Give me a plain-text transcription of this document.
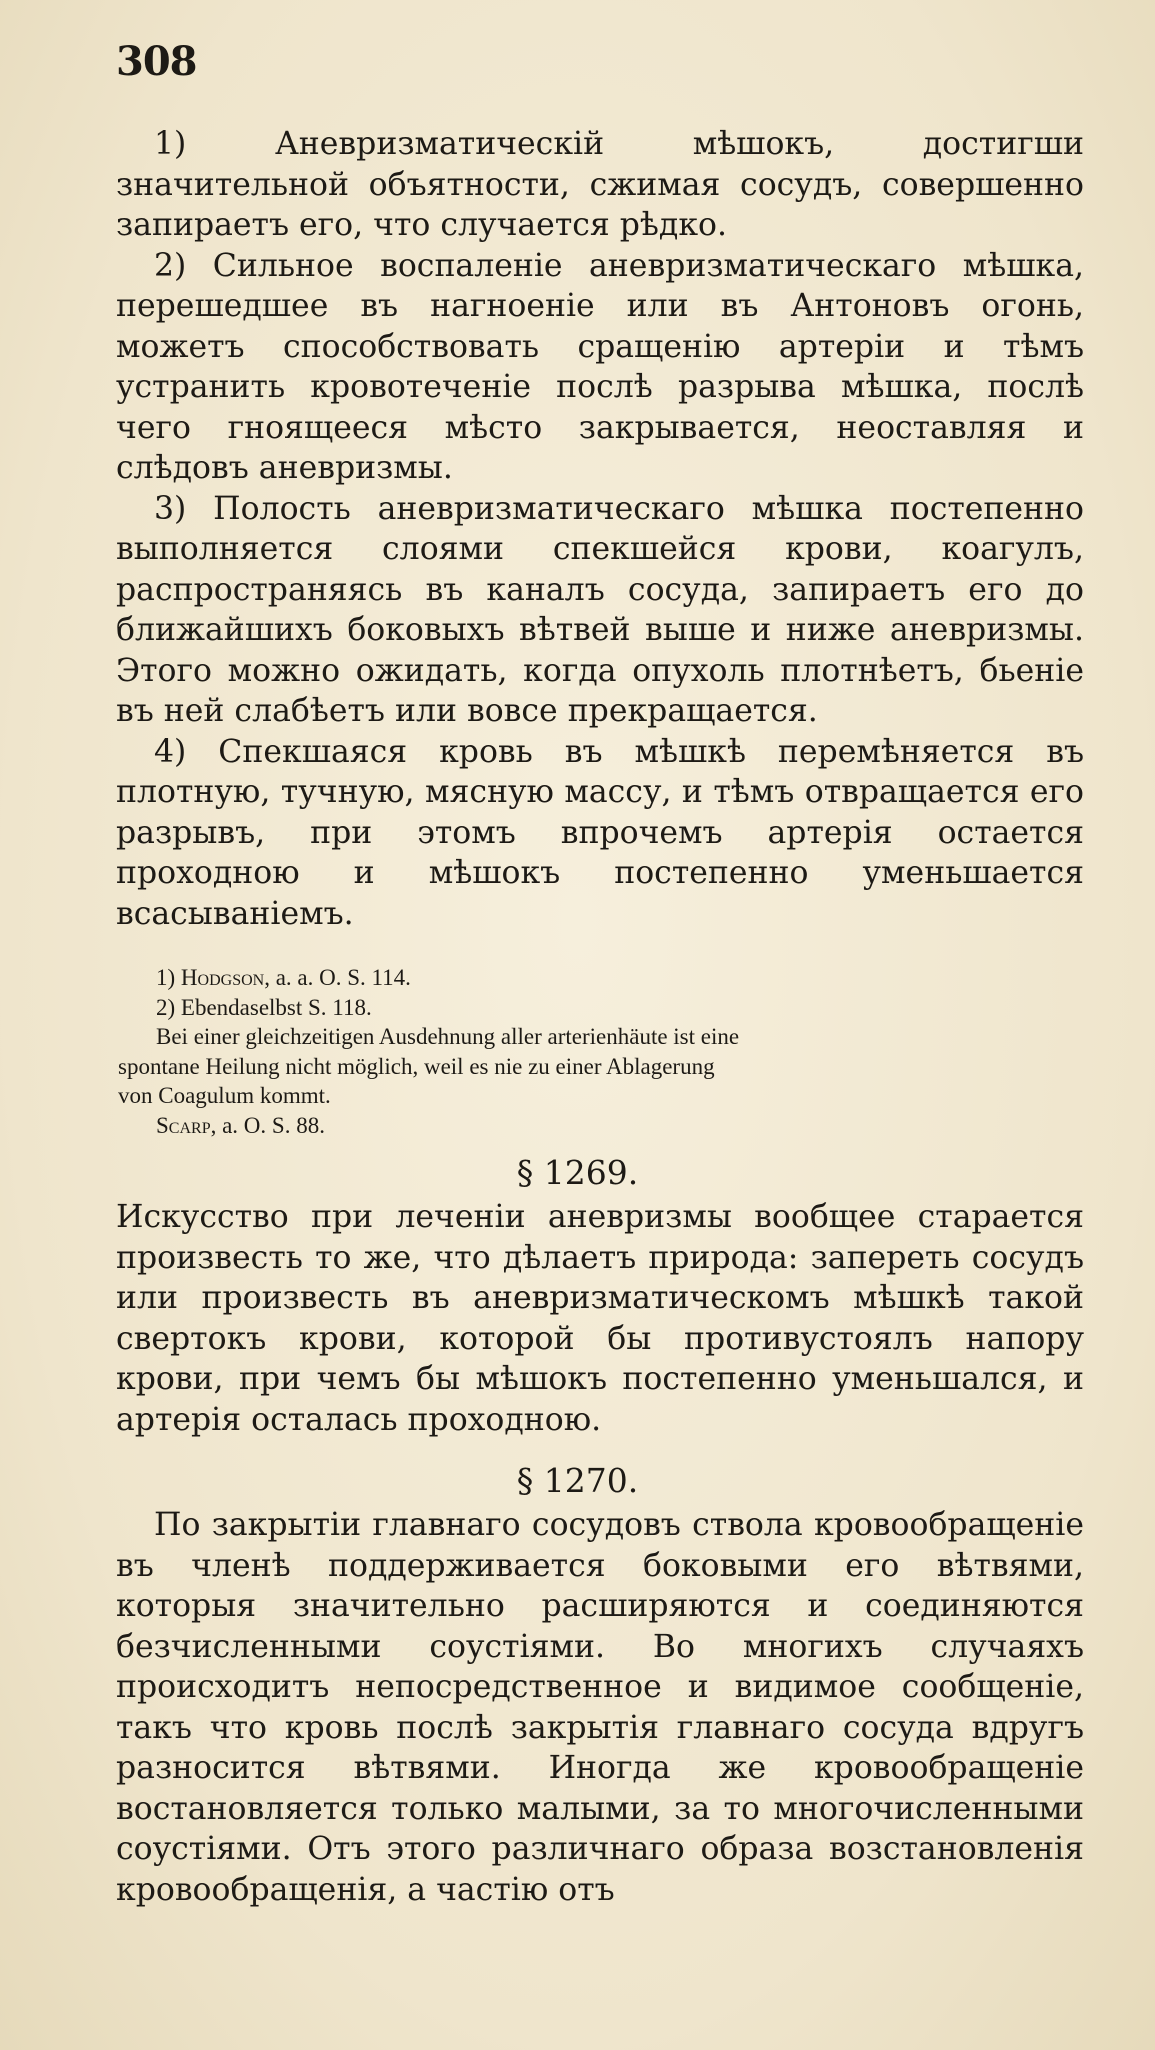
308

1) Аневризматическій мѣшокъ, достигши значительной объятности, сжимая сосудъ, совершенно запираетъ его, что случается рѣдко.

2) Сильное воспаленіе аневризматическаго мѣшка, перешедшее въ нагноеніе или въ Антоновъ огонь, можетъ способствовать сращенію артеріи и тѣмъ устранить кровотеченіе послѣ разрыва мѣшка, послѣ чего гноящееся мѣсто закрывается, неоставляя и слѣдовъ аневризмы.

3) Полость аневризматическаго мѣшка постепенно выполняется слоями спекшейся крови, коагулъ, распространяясь въ каналъ сосуда, запираетъ его до ближайшихъ боковыхъ вѣтвей выше и ниже аневризмы. Этого можно ожидать, когда опухоль плотнѣетъ, бьеніе въ ней слабѣетъ или вовсе прекращается.

4) Спекшаяся кровь въ мѣшкѣ перемѣняется въ плотную, тучную, мясную массу, и тѣмъ отвращается его разрывъ, при этомъ впрочемъ артерія остается проходною и мѣшокъ постепенно уменьшается всасываніемъ.

1) Hodgson, a. a. O. S. 114.

2) Ebendaselbst S. 118.

Bei einer gleichzeitigen Ausdehnung aller arterienhäute ist eine

spontane Heilung nicht möglich, weil es nie zu einer Ablagerung

von Coagulum kommt.

Scarp, a. O. S. 88.

§ 1269.

Искусство при леченіи аневризмы вообщее старается произвесть то же, что дѣлаетъ природа: запереть сосудъ или произвесть въ аневризматическомъ мѣшкѣ такой свертокъ крови, которой бы противустоялъ напору крови, при чемъ бы мѣшокъ постепенно уменьшался, и артерія осталась проходною.

§ 1270.

По закрытіи главнаго сосудовъ ствола кровообращеніе въ членѣ поддерживается боковыми его вѣтвями, которыя значительно расширяются и соединяются безчисленными соустіями. Во многихъ случаяхъ происходитъ непосредственное и видимое сообщеніе, такъ что кровь послѣ закрытія главнаго сосуда вдругъ разносится вѣтвями. Иногда же кровообращеніе востановляется только малыми, за то многочисленными соустіями. Отъ этого различнаго образа возстановленія кровообращенія, а частію отъ
